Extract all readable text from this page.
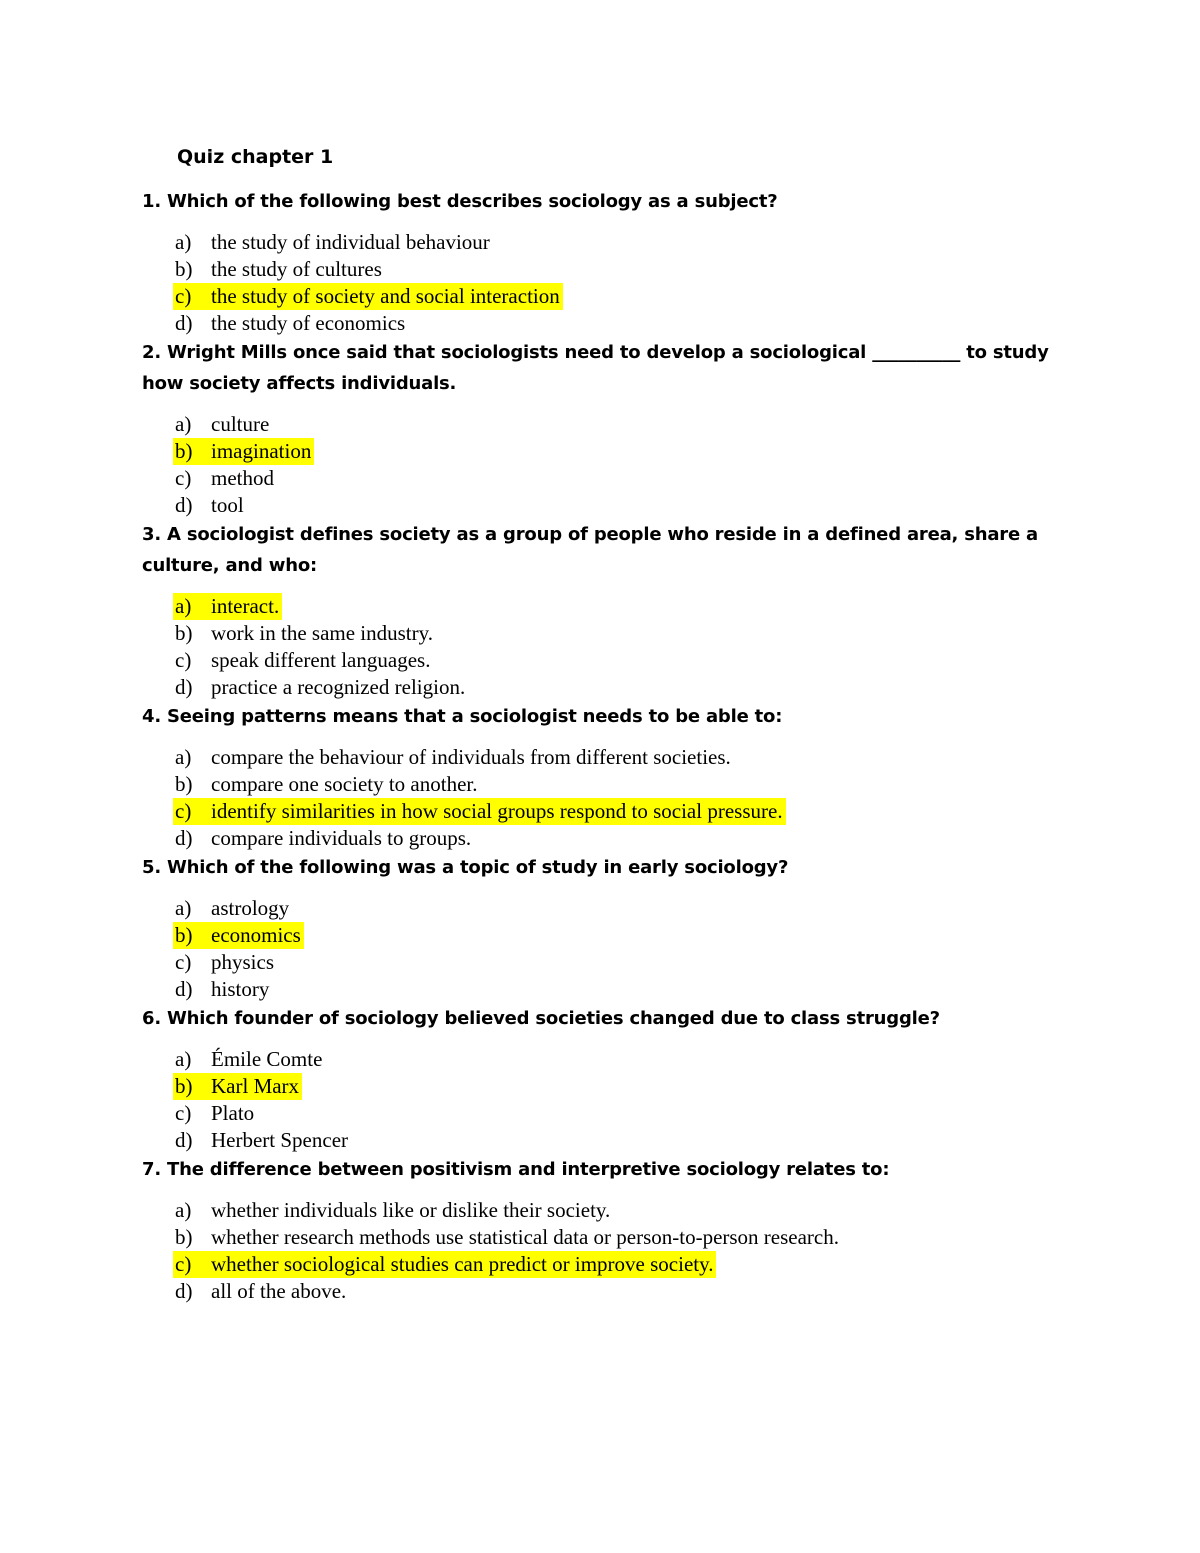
Quiz chapter 1
1. Which of the following best describes sociology as a subject?
a) the study of individual behaviour
b) the study of cultures
c) the study of society and social interaction
d) the study of economics
2. Wright Mills once said that sociologists need to develop a sociological __________ to study how society affects individuals.
a) culture
b) imagination
c) method
d) tool
3. A sociologist defines society as a group of people who reside in a defined area, share a culture, and who:
a) interact.
b) work in the same industry.
c) speak different languages.
d) practice a recognized religion.
4. Seeing patterns means that a sociologist needs to be able to:
a) compare the behaviour of individuals from different societies.
b) compare one society to another.
c) identify similarities in how social groups respond to social pressure.
d) compare individuals to groups.
5. Which of the following was a topic of study in early sociology?
a) astrology
b) economics
c) physics
d) history
6. Which founder of sociology believed societies changed due to class struggle?
a) Émile Comte
b) Karl Marx
c) Plato
d) Herbert Spencer
7. The difference between positivism and interpretive sociology relates to:
a) whether individuals like or dislike their society.
b) whether research methods use statistical data or person-to-person research.
c) whether sociological studies can predict or improve society.
d) all of the above.
